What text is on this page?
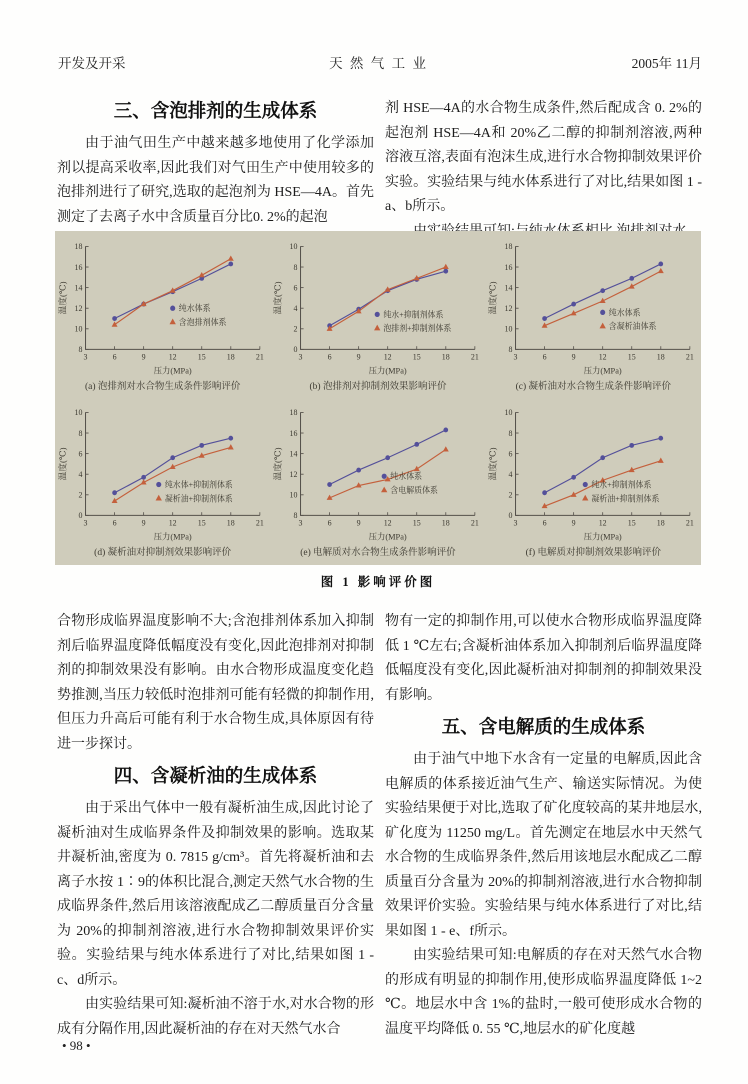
开发及开采	天 然 气 工 业	2005年 11月
三、含泡排剂的生成体系

由于油气田生产中越来越多地使用了化学添加剂以提高采收率,因此我们对气田生产中使用较多的泡排剂进行了研究,选取的起泡剂为 HSE—4A。首先测定了去离子水中含质量百分比0. 2%的起泡

剂 HSE—4A的水合物生成条件,然后配成含 0. 2%的起泡剂 HSE—4A和 20%乙二醇的抑制剂溶液,两种溶液互溶,表面有泡沫生成,进行水合物抑制效果评价实验。实验结果与纯水体系进行了对比,结果如图 1 - a、b所示。

3	6	9	12	15	18	21
8
10
12
14
16
18
压力(MPa)
温度(℃)	纯水体系
含泡排剂体系
(a) 泡排剂对水合物生成条件影响评价
3	6	9	12	15	18	21
0
2
4
6
8
10
压力(MPa)
温度(℃)
纯水+抑制剂体系
泡排剂+抑制剂体系
(b) 泡排剂对抑制剂效果影响评价
3	6	9	12	15	18	21
8
10
12
14
16
18
压力(MPa)
温度(℃)	纯水体系
含凝析油体系
(c) 凝析油对水合物生成条件影响评价
3	6	9	12	15	18	21
0
2
4
6
8
10
压力(MPa)
温度(℃)
纯水体+抑制剂体系
凝析油+抑制剂体系
(d) 凝析油对抑制剂效果影响评价
3	6	9	12	15	18	21
8
10
12
14
16
18
压力(MPa)
温度(℃)	纯水体系
含电解质体系
(e) 电解质对水合物生成条件影响评价
3	6	9	12	15	18	21
0
2
4
6
8
10
压力(MPa)
温度(℃)
纯水+抑制剂体系
凝析油+抑制剂体系
(f) 电解质对抑制剂效果影响评价
图 1 影响评价图

合物形成临界温度影响不大;含泡排剂体系加入抑制剂后临界温度降低幅度没有变化,因此泡排剂对抑制剂的抑制效果没有影响。由水合物形成温度变化趋势推测,当压力较低时泡排剂可能有轻微的抑制作用,但压力升高后可能有利于水合物生成,具体原因有待进一步探讨。

四、含凝析油的生成体系

由于采出气体中一般有凝析油生成,因此讨论了凝析油对生成临界条件及抑制效果的影响。选取某井凝析油,密度为 0. 7815 g/cm³。首先将凝析油和去离子水按 1∶9的体积比混合,测定天然气水合物的生成临界条件,然后用该溶液配成乙二醇质量百分含量为 20%的抑制剂溶液,进行水合物抑制效果评价实验。实验结果与纯水体系进行了对比,结果如图 1 - c、d所示。

由实验结果可知:凝析油不溶于水,对水合物的形成有分隔作用,因此凝析油的存在对天然气水合

物有一定的抑制作用,可以使水合物形成临界温度降低 1 ℃左右;含凝析油体系加入抑制剂后临界温度降低幅度没有变化,因此凝析油对抑制剂的抑制效果没有影响。

五、含电解质的生成体系

由于油气中地下水含有一定量的电解质,因此含电解质的体系接近油气生产、输送实际情况。为使实验结果便于对比,选取了矿化度较高的某井地层水,矿化度为 11250 mg/L。首先测定在地层水中天然气水合物的生成临界条件,然后用该地层水配成乙二醇质量百分含量为 20%的抑制剂溶液,进行水合物抑制效果评价实验。实验结果与纯水体系进行了对比,结果如图 1 - e、f所示。

由实验结果可知:电解质的存在对天然气水合物的形成有明显的抑制作用,使形成临界温度降低 1~2 ℃。地层水中含 1%的盐时,一般可使形成水合物的温度平均降低 0. 55 ℃,地层水的矿化度越

• 98 •
